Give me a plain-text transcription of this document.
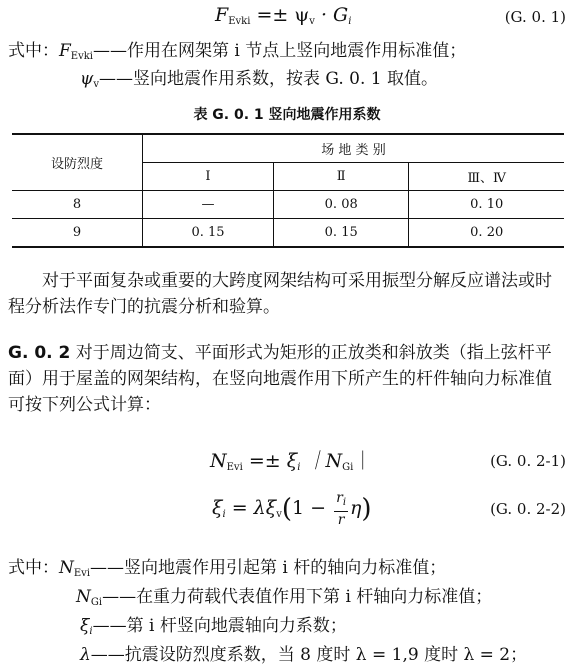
$F_{Evki} =\pm \psi_v \cdot G_i$	(G. 0. 1)
式中：$F_{Evki}——$作用在网架第 i 节点上竖向地震作用标准值；
$\psi_v——$竖向地震作用系数，按表 G. 0. 1 取值。
表 G. 0. 1 竖向地震作用系数
设防烈度	场 地 类 别		
	Ⅰ	Ⅱ	Ⅲ、Ⅳ
8	—	0. 08	0. 10
9	0. 15	0. 15	0. 20
对于平面复杂或重要的大跨度网架结构可采用振型分解反应谱法或时程分析法作专门的抗震分析和验算。
G. 0. 2 对于周边简支、平面形式为矩形的正放类和斜放类（指上弦杆平面）用于屋盖的网架结构，在竖向地震作用下所产生的杆件轴向力标准值可按下列公式计算：
$N_{Evi} =\pm \xi_i$ $|N_{Gi}|$	(G. 0. 2-1)
$\xi_i = \lambda\xi_v(1 - \frac{r_i}{r} \eta)$	(G. 0. 2-2)
式中：$N_{Evi}——$竖向地震作用引起第 i 杆的轴向力标准值；
$N_{Gi}——$在重力荷载代表值作用下第 i 杆轴向力标准值；
$\xi_i——$第 i 杆竖向地震轴向力系数；
λ——抗震设防烈度系数，当 8 度时 λ = 1,9 度时 λ = 2；
